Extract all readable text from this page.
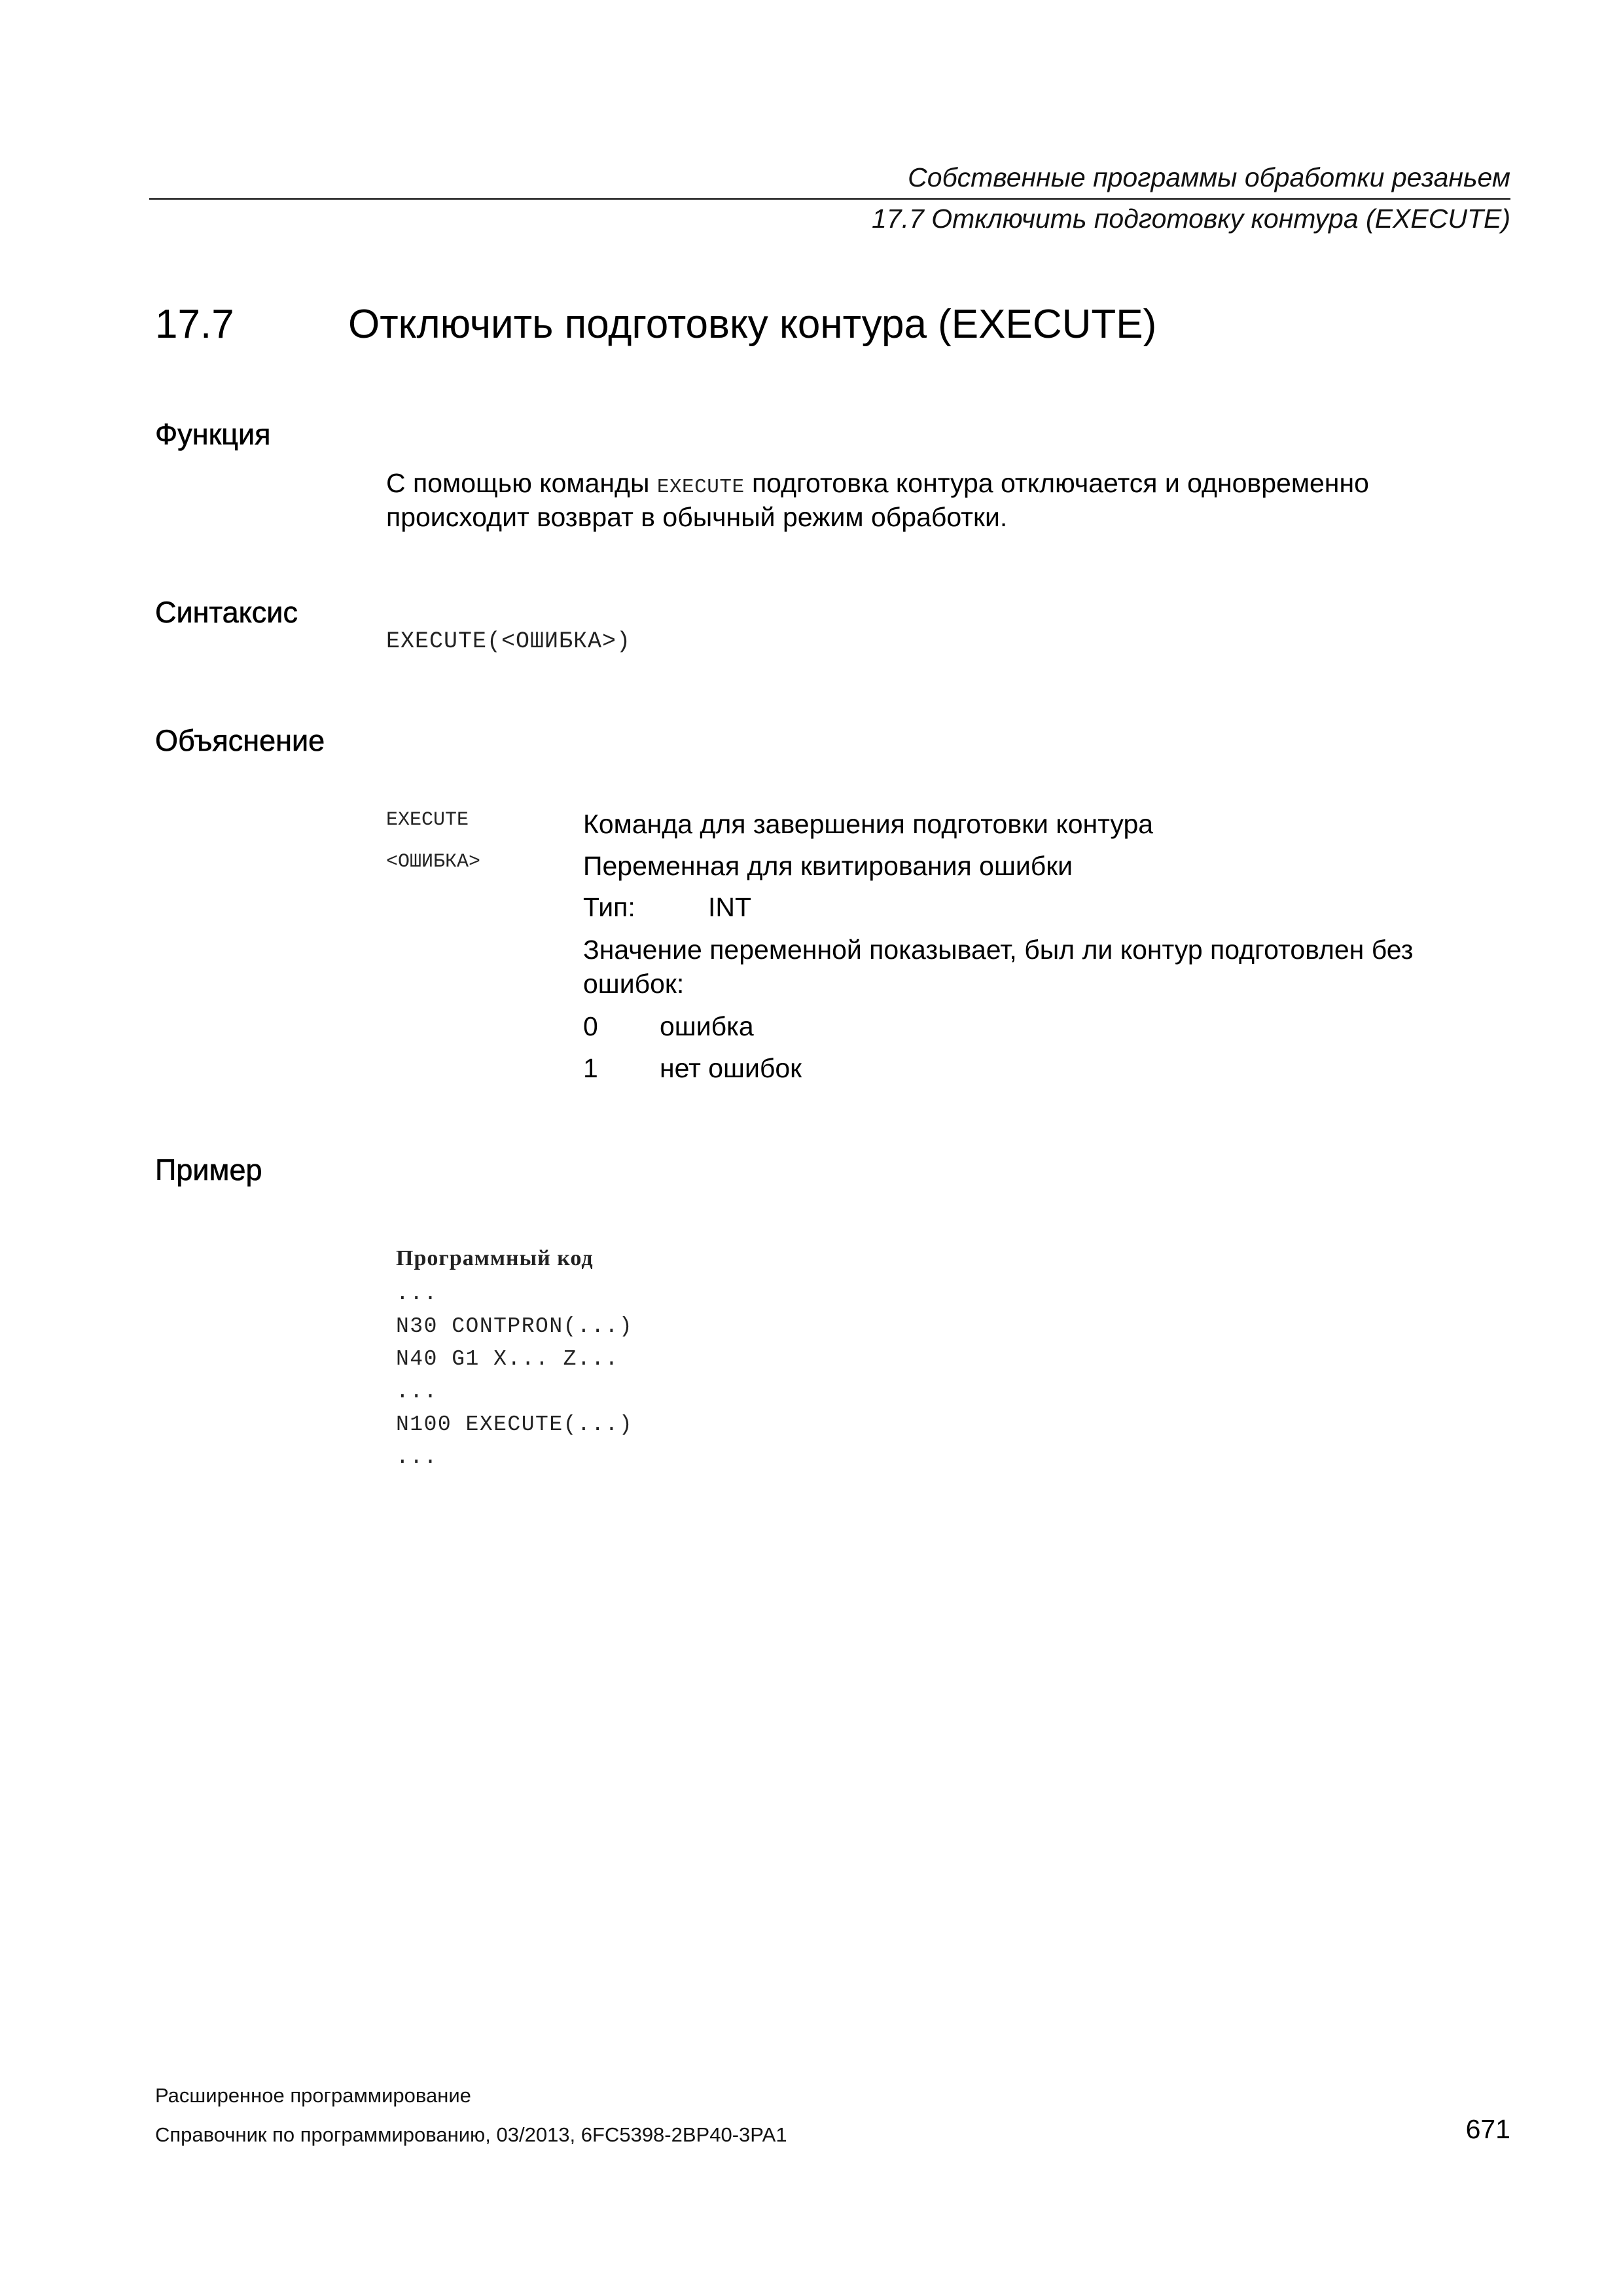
Собственные программы обработки резаньем
17.7 Отключить подготовку контура (EXECUTE)
17.7	Отключить подготовку контура (EXECUTE)
Функция
С помощью команды EXECUTE подготовка контура отключается и одновременно
происходит возврат в обычный режим обработки.
Синтаксис
EXECUTE(<ОШИБКА>)
Объяснение
EXECUTE	Команда для завершения подготовки контура
<ОШИБКА>	Переменная для квитирования ошибки
Тип:	INT
Значение переменной показывает, был ли контур подготовлен без
ошибок:
0 ошибка
1 нет ошибок
Пример
Программный код
...
N30 CONTPRON(...)
N40 G1 X... Z...
...
N100 EXECUTE(...)
...
Расширенное программирование
Справочник по программированию, 03/2013, 6FC5398-2BP40-3PA1	671
